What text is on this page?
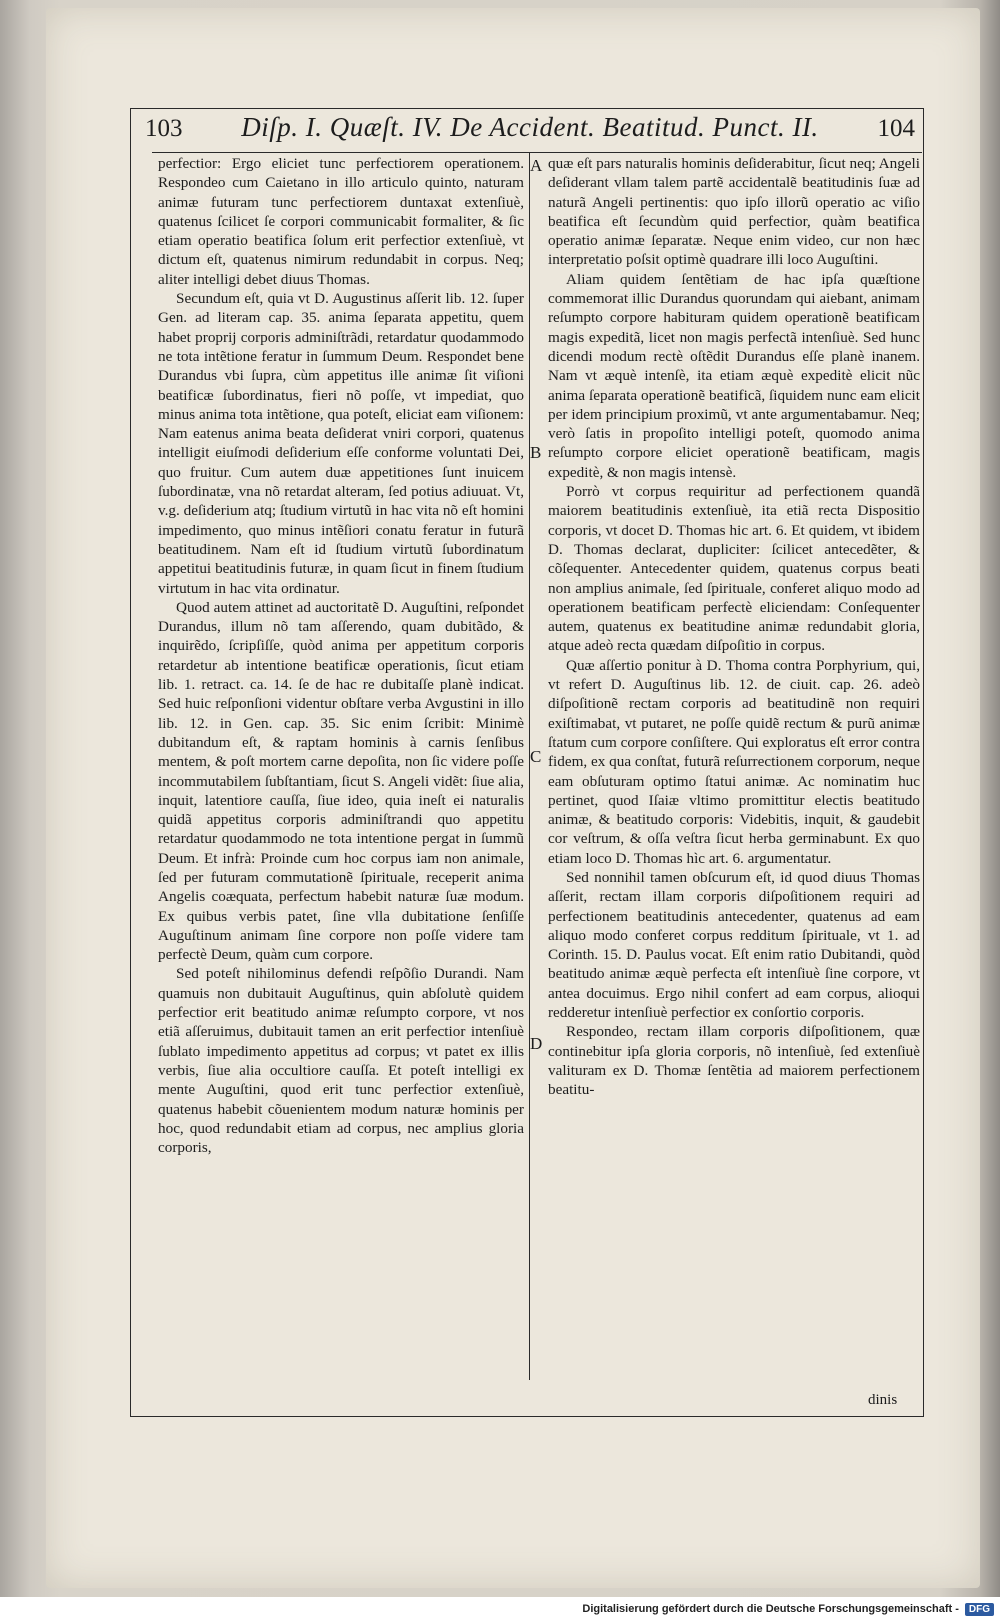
103 Diſp. I. Quæſt. IV. De Accident. Beatitud. Punct. II. 104

perfectior: Ergo eliciet tunc perfectiorem operationem. Respondeo cum Caietano in illo articulo quinto, naturam animæ futuram tunc perfectiorem duntaxat extenſiuè, quatenus ſcilicet ſe corpori communicabit formaliter, & ſic etiam operatio beatifica ſolum erit perfectior extenſiuè, vt dictum eſt, quatenus nimirum redundabit in corpus. Neq; aliter intelligi debet diuus Thomas.

Secundum eſt, quia vt D. Augustinus aſſerit lib. 12. ſuper Gen. ad literam cap. 35. anima ſeparata appetitu, quem habet proprij corporis adminiſtrãdi, retardatur quodammodo ne tota intẽtione feratur in ſummum Deum. Respondet bene Durandus vbi ſupra, cùm appetitus ille animæ ſit viſioni beatificæ ſubordinatus, fieri nõ poſſe, vt impediat, quo minus anima tota intẽtione, qua poteſt, eliciat eam viſionem: Nam eatenus anima beata deſiderat vniri corpori, quatenus intelligit eiuſmodi deſiderium eſſe conforme voluntati Dei, quo fruitur. Cum autem duæ appetitiones ſunt inuicem ſubordinatæ, vna nõ retardat alteram, ſed potius adiuuat. Vt, v.g. deſiderium atq; ſtudium virtutũ in hac vita nõ eſt homini impedimento, quo minus intẽſiori conatu feratur in futurã beatitudinem. Nam eſt id ſtudium virtutũ ſubordinatum appetitui beatitudinis futuræ, in quam ſicut in finem ſtudium virtutum in hac vita ordinatur.

Quod autem attinet ad auctoritatẽ D. Auguſtini, reſpondet Durandus, illum nõ tam aſſerendo, quam dubitãdo, & inquirẽdo, ſcripſiſſe, quòd anima per appetitum corporis retardetur ab intentione beatificæ operationis, ſicut etiam lib. 1. retract. ca. 14. ſe de hac re dubitaſſe planè indicat. Sed huic reſponſioni videntur obſtare verba Avgustini in illo lib. 12. in Gen. cap. 35. Sic enim ſcribit: Minimè dubitandum eſt, & raptam hominis à carnis ſenſibus mentem, & poſt mortem carne depoſita, non ſic videre poſſe incommutabilem ſubſtantiam, ſicut S. Angeli vidẽt: ſiue alia, inquit, latentiore cauſſa, ſiue ideo, quia ineſt ei naturalis quidã appetitus corporis adminiſtrandi quo appetitu retardatur quodammodo ne tota intentione pergat in ſummũ Deum. Et infrà: Proinde cum hoc corpus iam non animale, ſed per futuram commutationẽ ſpirituale, receperit anima Angelis coæquata, perfectum habebit naturæ ſuæ modum. Ex quibus verbis patet, ſine vlla dubitatione ſenſiſſe Auguſtinum animam ſine corpore non poſſe videre tam perfectè Deum, quàm cum corpore.

Sed poteſt nihilominus defendi reſpõſio Durandi. Nam quamuis non dubitauit Auguſtinus, quin abſolutè quidem perfectior erit beatitudo animæ reſumpto corpore, vt nos etiã aſſeruimus, dubitauit tamen an erit perfectior intenſiuè ſublato impedimento appetitus ad corpus; vt patet ex illis verbis, ſiue alia occultiore cauſſa. Et poteſt intelligi ex mente Auguſtini, quod erit tunc perfectior extenſiuè, quatenus habebit cõuenientem modum naturæ hominis per hoc, quod redundabit etiam ad corpus, nec amplius gloria corporis,

quæ eſt pars naturalis hominis deſiderabitur, ſicut neq; Angeli deſiderant vllam talem partẽ accidentalẽ beatitudinis ſuæ ad naturã Angeli pertinentis: quo ipſo illorũ operatio ac viſio beatifica eſt ſecundùm quid perfectior, quàm beatifica operatio animæ ſeparatæ. Neque enim video, cur non hæc interpretatio poſsit optimè quadrare illi loco Auguſtini.

Aliam quidem ſentẽtiam de hac ipſa quæſtione commemorat illic Durandus quorundam qui aiebant, animam reſumpto corpore habituram quidem operationẽ beatificam magis expeditã, licet non magis perfectã intenſiuè. Sed hunc dicendi modum rectè oſtẽdit Durandus eſſe planè inanem. Nam vt æquè intenſè, ita etiam æquè expeditè elicit nũc anima ſeparata operationẽ beatificã, ſiquidem nunc eam elicit per idem principium proximũ, vt ante argumentabamur. Neq; verò ſatis in propoſito intelligi poteſt, quomodo anima reſumpto corpore eliciet operationẽ beatificam, magis expeditè, & non magis intensè.

Porrò vt corpus requiritur ad perfectionem quandã maiorem beatitudinis extenſiuè, ita etiã recta Dispositio corporis, vt docet D. Thomas hic art. 6. Et quidem, vt ibidem D. Thomas declarat, dupliciter: ſcilicet antecedẽter, & cõſequenter. Antecedenter quidem, quatenus corpus beati non amplius animale, ſed ſpirituale, conferet aliquo modo ad operationem beatificam perfectè eliciendam: Conſequenter autem, quatenus ex beatitudine animæ redundabit gloria, atque adeò recta quædam diſpoſitio in corpus.

Quæ aſſertio ponitur à D. Thoma contra Porphyrium, qui, vt refert D. Auguſtinus lib. 12. de ciuit. cap. 26. adeò diſpoſitionẽ rectam corporis ad beatitudinẽ non requiri exiſtimabat, vt putaret, ne poſſe quidẽ rectum & purũ animæ ſtatum cum corpore conſiſtere. Qui exploratus eſt error contra fidem, ex qua conſtat, futurã reſurrectionem corporum, neque eam obſuturam optimo ſtatui animæ. Ac nominatim huc pertinet, quod Iſaiæ vltimo promittitur electis beatitudo animæ, & beatitudo corporis: Videbitis, inquit, & gaudebit cor veſtrum, & oſſa veſtra ſicut herba germinabunt. Ex quo etiam loco D. Thomas hìc art. 6. argumentatur.

Sed nonnihil tamen obſcurum eſt, id quod diuus Thomas aſſerit, rectam illam corporis diſpoſitionem requiri ad perfectionem beatitudinis antecedenter, quatenus ad eam aliquo modo conferet corpus redditum ſpirituale, vt 1. ad Corinth. 15. D. Paulus vocat. Eſt enim ratio Dubitandi, quòd beatitudo animæ æquè perfecta eſt intenſiuè ſine corpore, vt antea docuimus. Ergo nihil confert ad eam corpus, alioqui redderetur intenſiuè perfectior ex conſortio corporis.

Respondeo, rectam illam corporis diſpoſitionem, quæ continebitur ipſa gloria corporis, nõ intenſiuè, ſed extenſiuè valituram ex D. Thomæ ſentẽtia ad maiorem perfectionem beatitu-

A
B
C
D
dinis
Digitalisierung gefördert durch die Deutsche Forschungsgemeinschaft -	DFG
